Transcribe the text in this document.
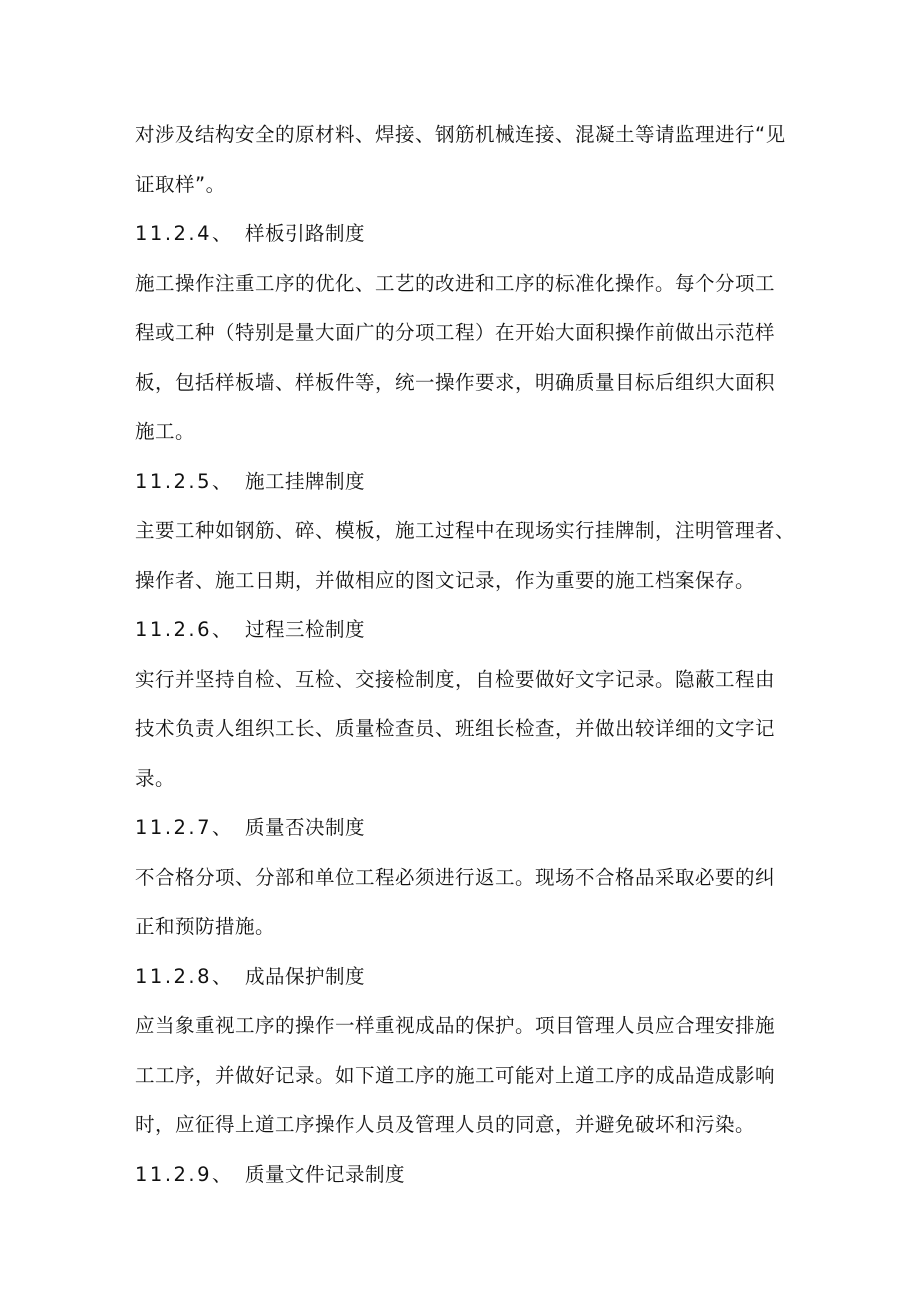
对涉及结构安全的原材料、焊接、钢筋机械连接、混凝土等请监理进行“见
证取样”。
11.2.4、 样板引路制度
施工操作注重工序的优化、工艺的改进和工序的标准化操作。每个分项工
程或工种（特别是量大面广的分项工程）在开始大面积操作前做出示范样
板，包括样板墙、样板件等，统一操作要求，明确质量目标后组织大面积
施工。
11.2.5、 施工挂牌制度
主要工种如钢筋、碎、模板，施工过程中在现场实行挂牌制，注明管理者、
操作者、施工日期，并做相应的图文记录，作为重要的施工档案保存。
11.2.6、 过程三检制度
实行并坚持自检、互检、交接检制度，自检要做好文字记录。隐蔽工程由
技术负责人组织工长、质量检查员、班组长检查，并做出较详细的文字记
录。
11.2.7、 质量否决制度
不合格分项、分部和单位工程必须进行返工。现场不合格品采取必要的纠
正和预防措施。
11.2.8、 成品保护制度
应当象重视工序的操作一样重视成品的保护。项目管理人员应合理安排施
工工序，并做好记录。如下道工序的施工可能对上道工序的成品造成影响
时，应征得上道工序操作人员及管理人员的同意，并避免破坏和污染。
11.2.9、 质量文件记录制度
